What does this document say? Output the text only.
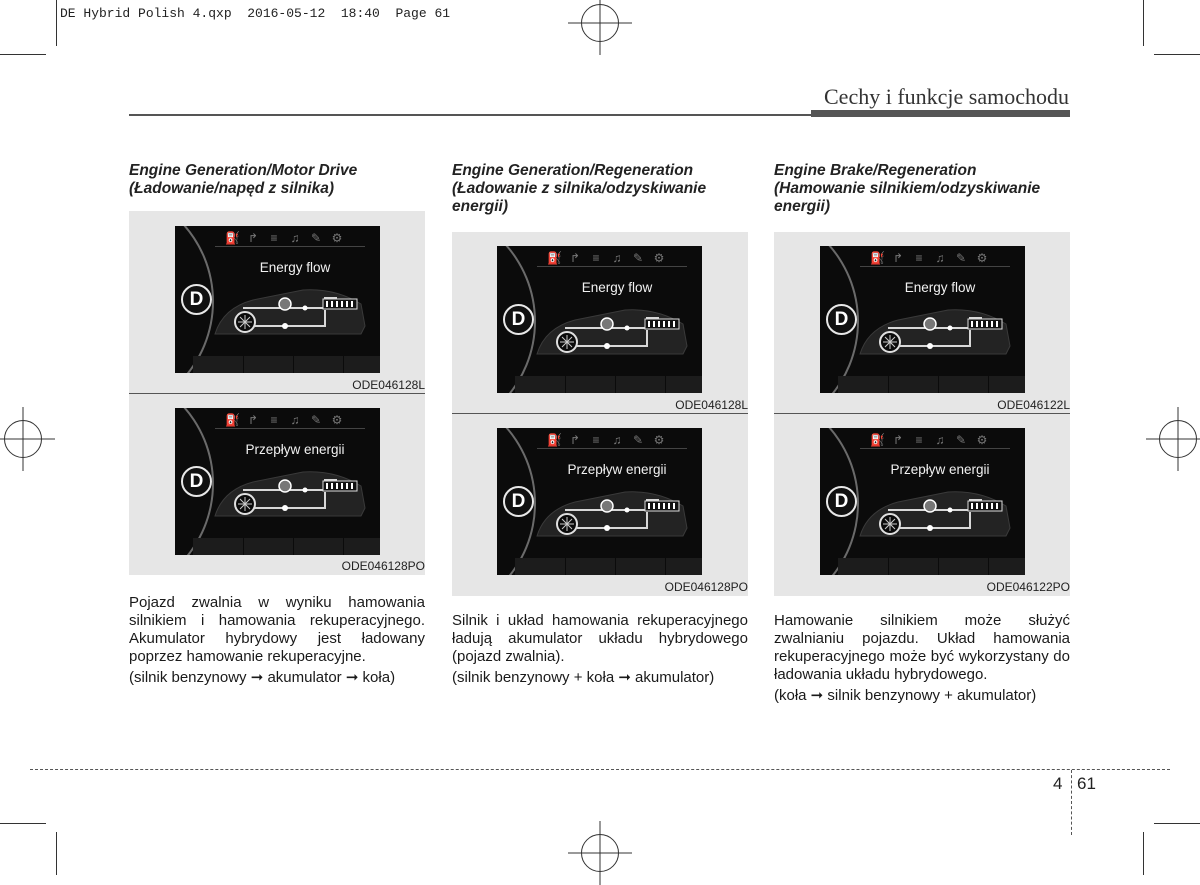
DE Hybrid Polish 4.qxp  2016-05-12  18:40  Page 61
Cechy i funkcje samochodu
Engine Generation/Motor Drive
(Ładowanie/napęd z silnika)
Engine Generation/Regeneration
(Ładowanie z silnika/odzyskiwanie
energii)
Engine Brake/Regeneration
(Hamowanie silnikiem/odzyskiwanie
energii)
⛽ ↱ ≡ ♫ ✎ ⚙
Energy flow
D
ODE046128L
⛽ ↱ ≡ ♫ ✎ ⚙
Przepływ energii
D
ODE046128PO
⛽ ↱ ≡ ♫ ✎ ⚙
Energy flow
D
ODE046128L
⛽ ↱ ≡ ♫ ✎ ⚙
Przepływ energii
D
ODE046128PO
⛽ ↱ ≡ ♫ ✎ ⚙
Energy flow
D
ODE046122L
⛽ ↱ ≡ ♫ ✎ ⚙
Przepływ energii
D
ODE046122PO

Pojazd zwalnia w wyniku hamowania silnikiem i hamowania rekuperacyjnego. Akumulator hybrydowy jest ładowany poprzez hamowanie rekuperacyjne.

(silnik benzynowy ➞ akumulator ➞ koła)

Silnik i układ hamowania rekuperacyjnego ładują akumulator układu hybrydowego (pojazd zwalnia).

(silnik benzynowy + koła ➞ akumulator)

Hamowanie silnikiem może służyć zwalnianiu pojazdu. Układ hamowania rekuperacyjnego może być wykorzystany do ładowania układu hybrydowego.

(koła ➞ silnik benzynowy + akumulator)
4 61
